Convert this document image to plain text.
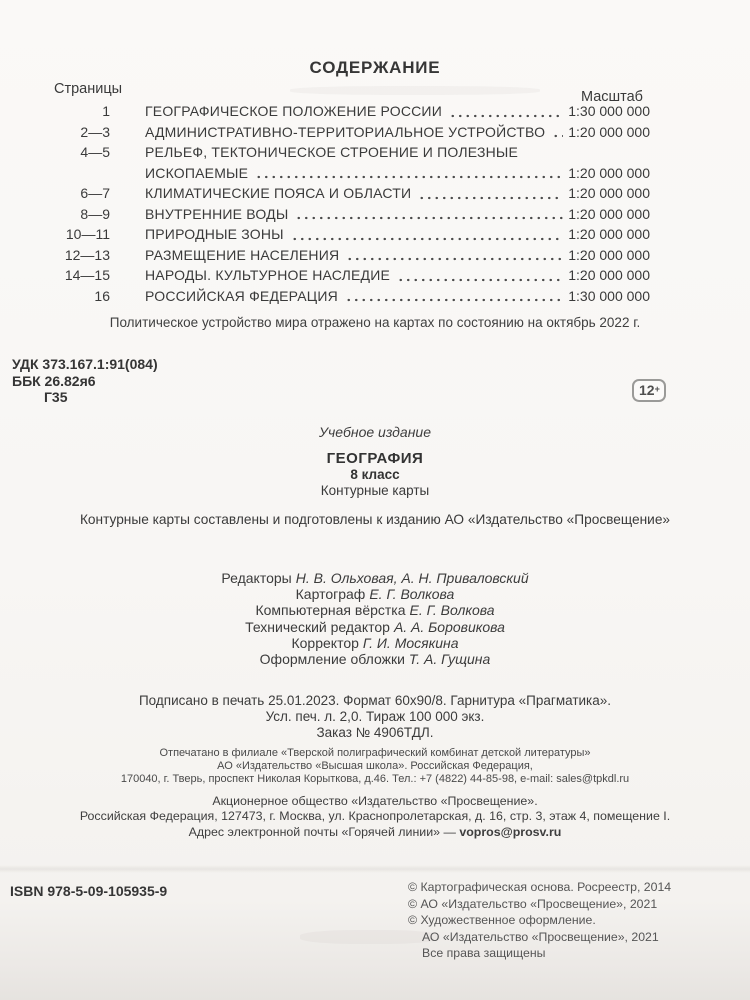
СОДЕРЖАНИЕ
Страницы	Масштаб
1	ГЕОГРАФИЧЕСКОЕ ПОЛОЖЕНИЕ РОССИИ	1:30 000 000
2—3	АДМИНИСТРАТИВНО-ТЕРРИТОРИАЛЬНОЕ УСТРОЙСТВО 1:20 000 000
4—5	РЕЛЬЕФ, ТЕКТОНИЧЕСКОЕ СТРОЕНИЕ И ПОЛЕЗНЫЕ
ИСКОПАЕМЫЕ	1:20 000 000
6—7	КЛИМАТИЧЕСКИЕ ПОЯСА И ОБЛАСТИ	1:20 000 000
8—9	ВНУТРЕННИЕ ВОДЫ	1:20 000 000
10—11	ПРИРОДНЫЕ ЗОНЫ	1:20 000 000
12—13	РАЗМЕЩЕНИЕ НАСЕЛЕНИЯ	1:20 000 000
14—15	НАРОДЫ. КУЛЬТУРНОЕ НАСЛЕДИЕ	1:20 000 000
16	РОССИЙСКАЯ ФЕДЕРАЦИЯ	1:30 000 000
Политическое устройство мира отражено на картах по состоянию на октябрь 2022 г.
УДК 373.167.1:91(084)
ББК 26.82я6
Г35	12+
Учебное издание
ГЕОГРАФИЯ
8 класс
Контурные карты
Контурные карты составлены и подготовлены к изданию АО «Издательство «Просвещение»
Редакторы Н. В. Ольховая, А. Н. Приваловский
Картограф Е. Г. Волкова
Компьютерная вёрстка Е. Г. Волкова
Технический редактор А. А. Боровикова
Корректор Г. И. Мосякина
Оформление обложки Т. А. Гущина
Подписано в печать 25.01.2023. Формат 60х90/8. Гарнитура «Прагматика».
Усл. печ. л. 2,0. Тираж 100 000 экз.
Заказ № 4906ТДЛ.
Отпечатано в филиале «Тверской полиграфический комбинат детской литературы»
АО «Издательство «Высшая школа». Российская Федерация,
170040, г. Тверь, проспект Николая Корыткова, д.46. Тел.: +7 (4822) 44-85-98, e-mail: sales@tpkdl.ru
Акционерное общество «Издательство «Просвещение».
Российская Федерация, 127473, г. Москва, ул. Краснопролетарская, д. 16, стр. 3, этаж 4, помещение I.
Адрес электронной почты «Горячей линии» — vopros@prosv.ru
ISBN 978-5-09-105935-9	© Картографическая основа. Росреестр, 2014
© АО «Издательство «Просвещение», 2021
© Художественное оформление.
АО «Издательство «Просвещение», 2021
Все права защищены
